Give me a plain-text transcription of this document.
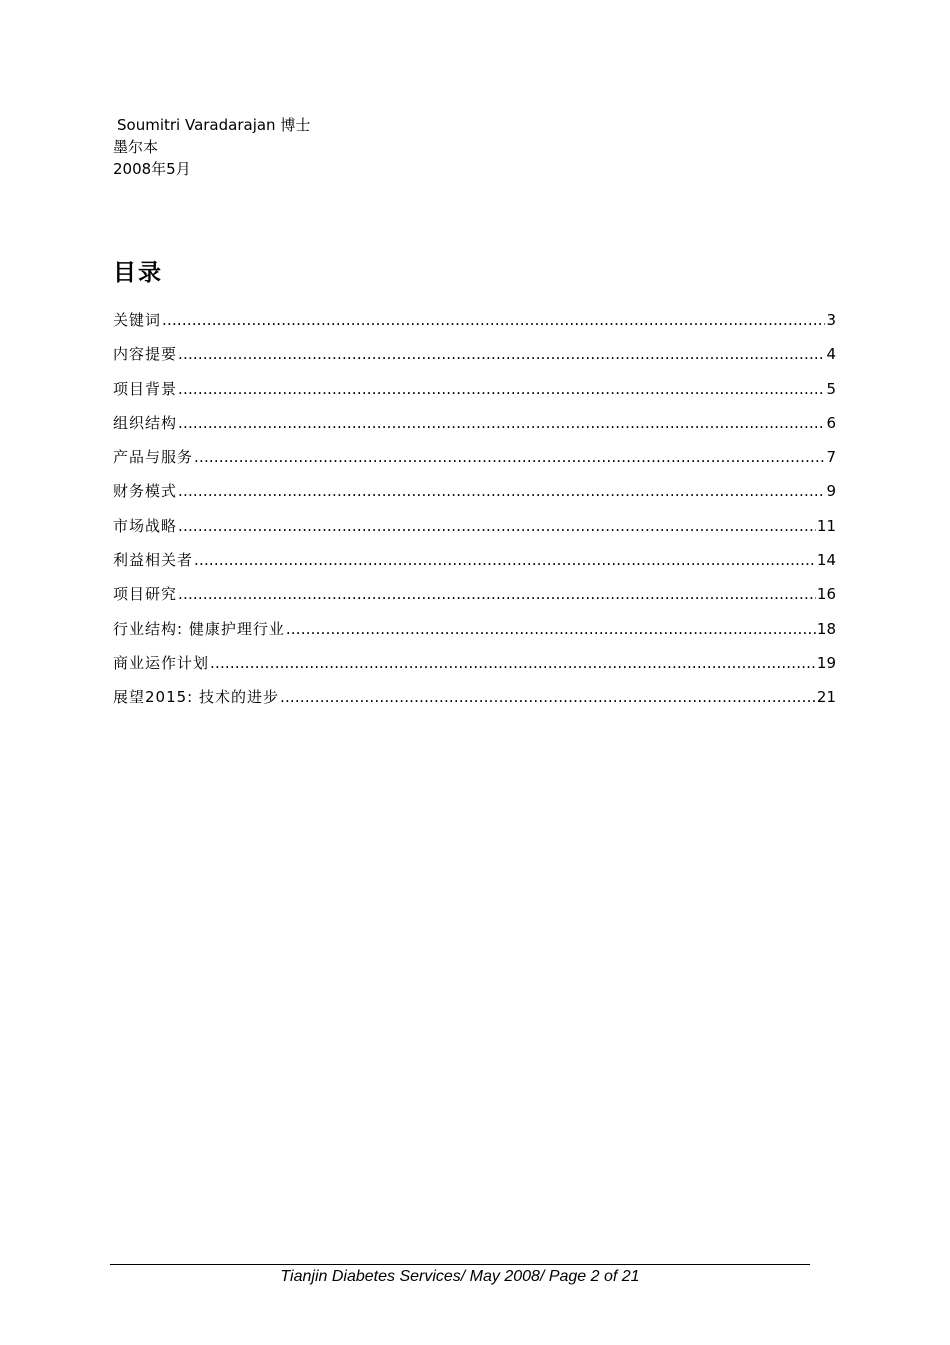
Soumitri Varadarajan 博士
墨尔本
2008年5月
目录
关键词 .....	3
内容提要 .....	4
项目背景 .....	5
组织结构 .....	6
产品与服务 .....	7
财务模式 .....	9
市场战略 .....	11
利益相关者 .....	14
项目研究 .....	16
行业结构: 健康护理行业 .....	18
商业运作计划 .....	19
展望2015: 技术的进步 .....	21
Tianjin Diabetes Services/ May 2008/ Page 2 of 21
